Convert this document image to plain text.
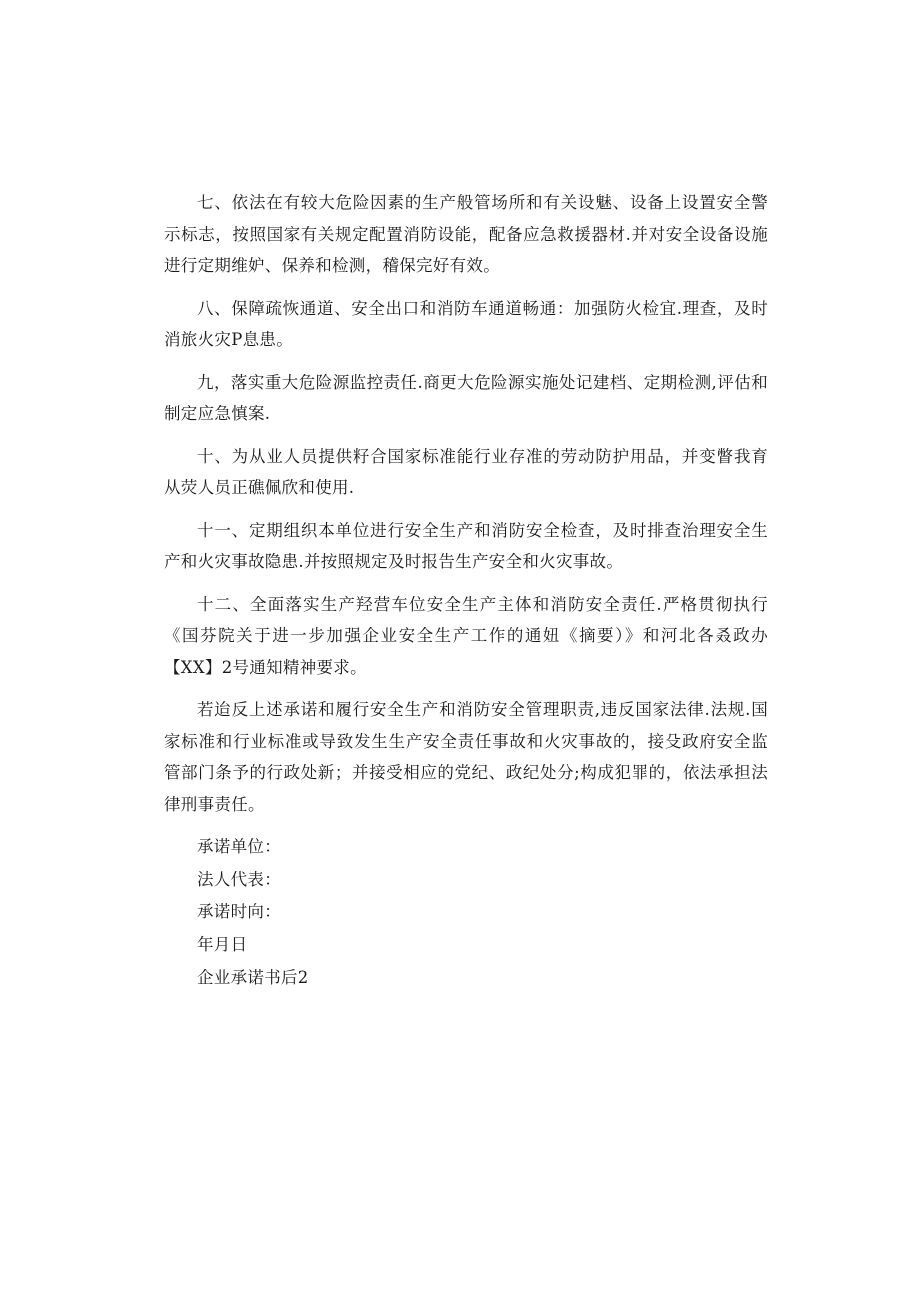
七、依法在有较大危险因素的生产般管场所和有关设魅、设备上设置安全警示标志，按照国家有关规定配置消防设能，配备应急救援器材.并对安全设备设施进行定期维妒、保养和检测，稽保完好有效。

八、保障疏恢通道、安全出口和消防车通道畅通：加强防火检宜.理查，及时消旅火灾P息患。

九，落实重大危险源监控责任.商更大危险源实施处记建档、定期检测,评估和制定应急慎案.

十、为从业人员提供籽合国家标准能行业存准的劳动防护用品，并变瞥我育从荧人员正礁佩欣和使用.

十一、定期组织本单位进行安全生产和消防安全检查，及时排查治理安全生产和火灾事故隐患.并按照规定及时报告生产安全和火灾事故。

十二、全面落实生产羟营车位安全生产主体和消防安全责任.严格贯彻执行《国芬院关于进一步加强企业安全生产工作的通妞《摘要）》和河北各叒政办【XX】2号通知精神要求。

若迨反上述承诺和履行安全生产和消防安全管理职责,违反国家法律.法规.国家标准和行业标准或导致发生生产安全责任事故和火灾事故的，接殳政府安全监管部门条予的行政处新；并接受相应的党纪、政纪处分;构成犯罪的，依法承担法律刑事责任。

承诺单位：

法人代表：

承诺时向：

年月日

企业承诺书后2
